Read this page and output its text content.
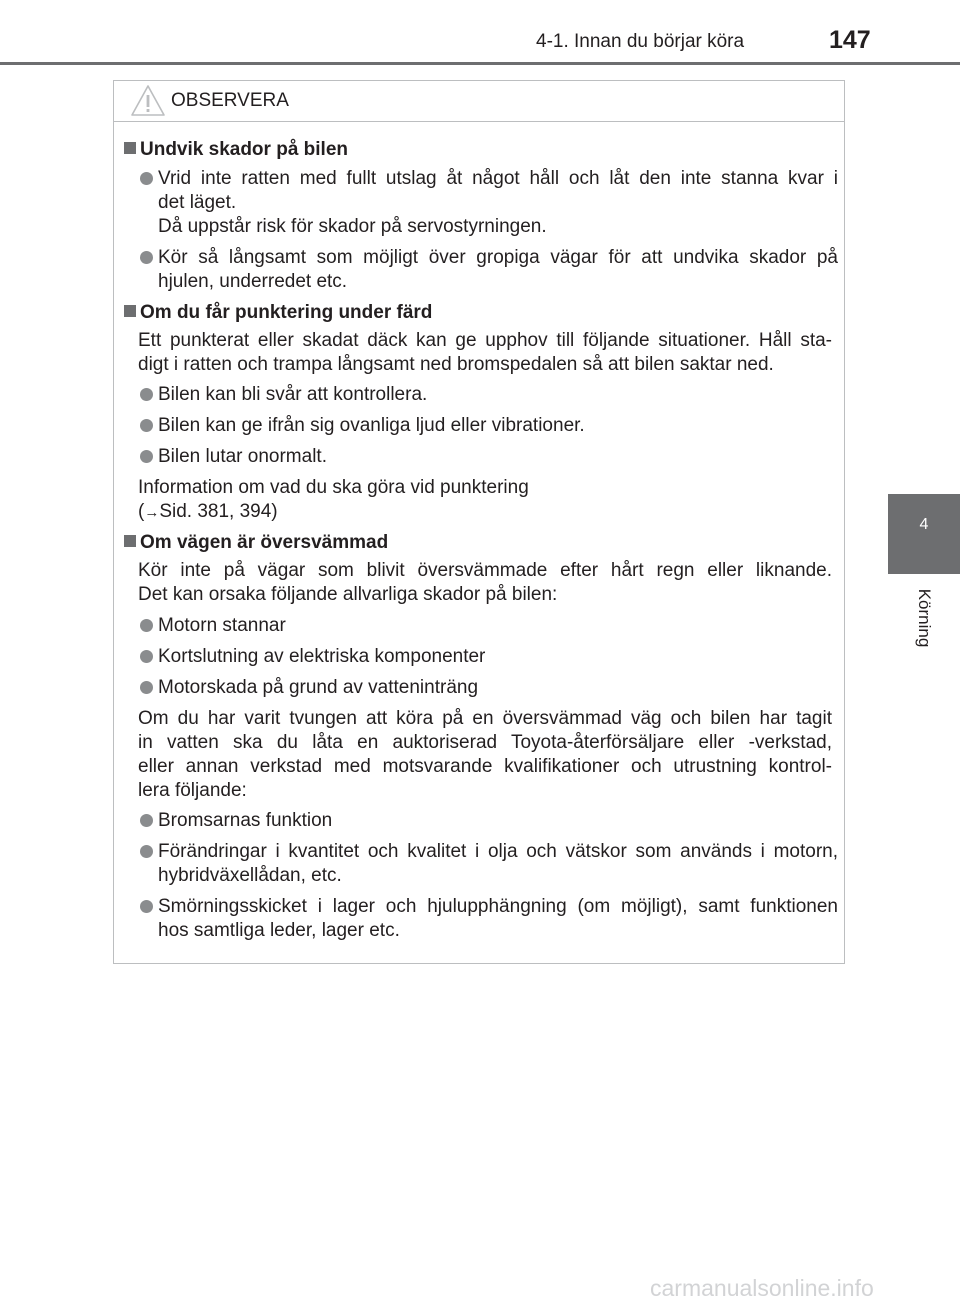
4-1. Innan du börjar köra	147
4
Körning
OBSERVERA
Undvik skador på bilen
Vrid inte ratten med fullt utslag åt något håll och låt den inte stanna kvar i
det läget.
Då uppstår risk för skador på servostyrningen.
Kör så långsamt som möjligt över gropiga vägar för att undvika skador på
hjulen, underredet etc.
Om du får punktering under färd
Ett punkterat eller skadat däck kan ge upphov till följande situationer. Håll sta-
digt i ratten och trampa långsamt ned bromspedalen så att bilen saktar ned.
Bilen kan bli svår att kontrollera.
Bilen kan ge ifrån sig ovanliga ljud eller vibrationer.
Bilen lutar onormalt.
Information om vad du ska göra vid punktering
(→Sid. 381, 394)
Om vägen är översvämmad
Kör inte på vägar som blivit översvämmade efter hårt regn eller liknande.
Det kan orsaka följande allvarliga skador på bilen:
Motorn stannar
Kortslutning av elektriska komponenter
Motorskada på grund av vatteninträng
Om du har varit tvungen att köra på en översvämmad väg och bilen har tagit
in vatten ska du låta en auktoriserad Toyota-återförsäljare eller -verkstad,
eller annan verkstad med motsvarande kvalifikationer och utrustning kontrol-
lera följande:
Bromsarnas funktion
Förändringar i kvantitet och kvalitet i olja och vätskor som används i motorn,
hybridväxellådan, etc.
Smörningsskicket i lager och hjulupphängning (om möjligt), samt funktionen
hos samtliga leder, lager etc.
carmanualsonline.info
